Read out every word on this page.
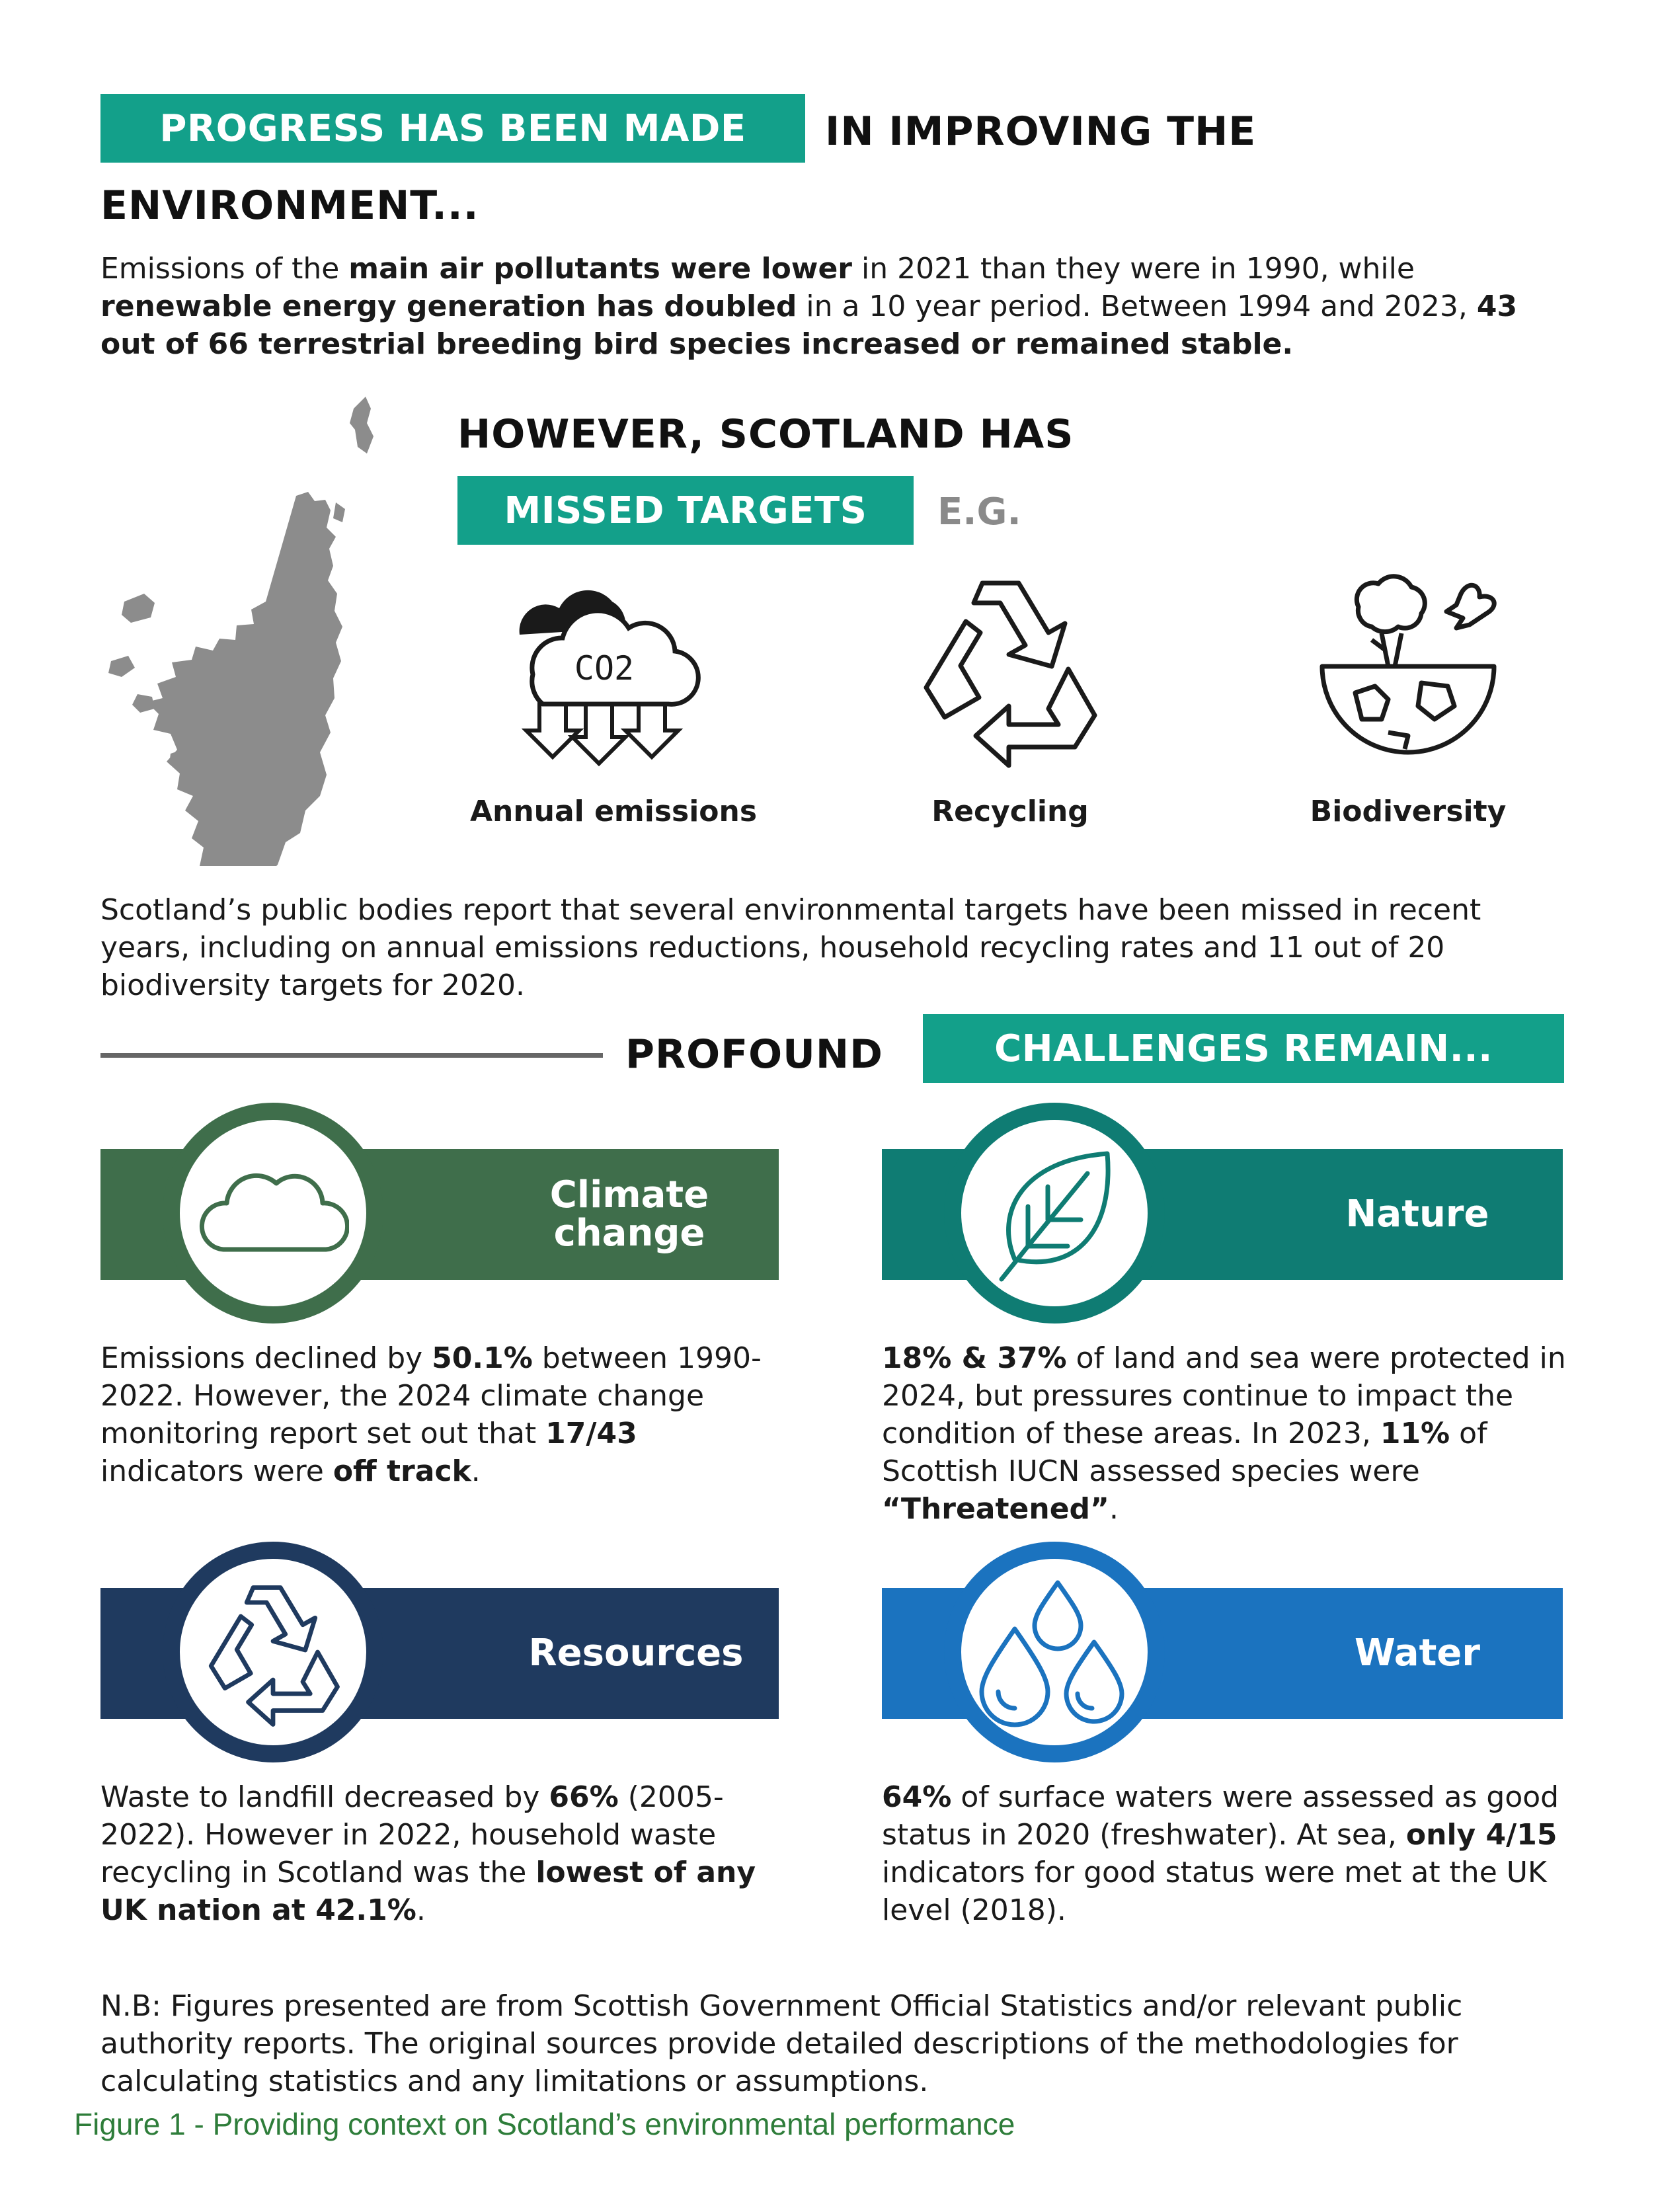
PROGRESS HAS BEEN MADE IN IMPROVING THE
ENVIRONMENT...
Emissions of the main air pollutants were lower in 2021 than they were in 1990, while renewable energy generation has doubled in a 10 year period. Between 1994 and 2023, 43 out of 66 terrestrial breeding bird species increased or remained stable.
HOWEVER, SCOTLAND HAS
MISSED TARGETS E.G.
CO2
Annual emissions	Recycling	Biodiversity
Scotland’s public bodies report that several environmental targets have been missed in recent years, including on annual emissions reductions, household recycling rates and 11 out of 20 biodiversity targets for 2020.
PROFOUND	CHALLENGES REMAIN...
Climate change
Emissions declined by 50.1% between 1990-2022. However, the 2024 climate change monitoring report set out that 17/43 indicators were off track.
Nature
18% & 37% of land and sea were protected in 2024, but pressures continue to impact the condition of these areas. In 2023, 11% of Scottish IUCN assessed species were “Threatened”.
Resources
Waste to landfill decreased by 66% (2005-2022). However in 2022, household waste recycling in Scotland was the lowest of any UK nation at 42.1%.
Water
64% of surface waters were assessed as good status in 2020 (freshwater). At sea, only 4/15 indicators for good status were met at the UK level (2018).
N.B: Figures presented are from Scottish Government Official Statistics and/or relevant public authority reports. The original sources provide detailed descriptions of the methodologies for calculating statistics and any limitations or assumptions.
Figure 1 - Providing context on Scotland’s environmental performance
